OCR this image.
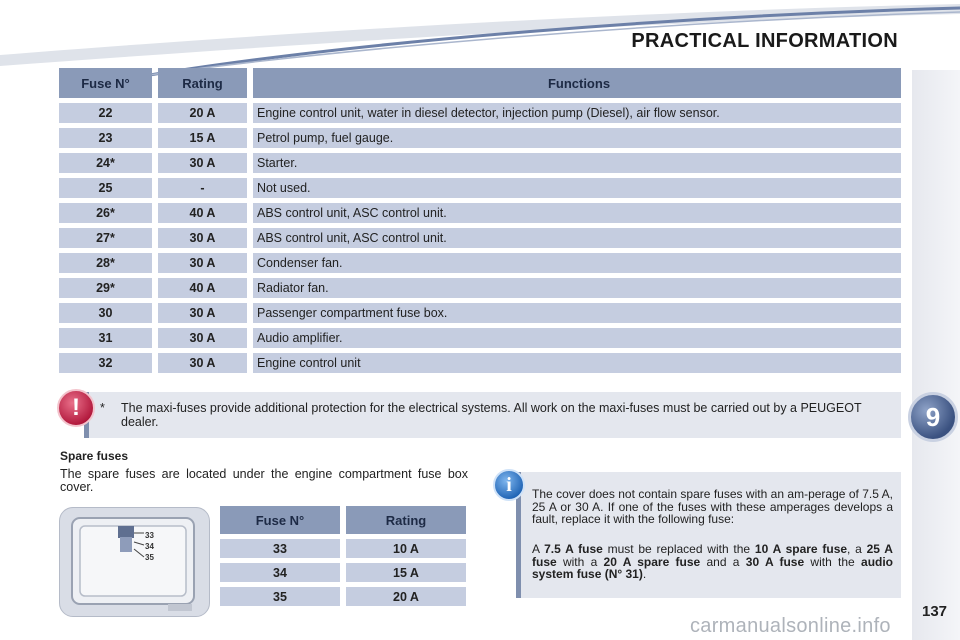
PRACTICAL INFORMATION
9
Fuse N°	Rating	Functions
22	20 A	Engine control unit, water in diesel detector, injection pump (Diesel), air flow sensor.
23	15 A	Petrol pump, fuel gauge.
24*	30 A	Starter.
25	-	Not used.
26*	40 A	ABS control unit, ASC control unit.
27*	30 A	ABS control unit, ASC control unit.
28*	30 A	Condenser fan.
29*	40 A	Radiator fan.
30	30 A	Passenger compartment fuse box.
31	30 A	Audio amplifier.
32	30 A	Engine control unit
* The maxi-fuses provide additional protection for the electrical systems. All work on the maxi-fuses must be carried out by a PEUGEOT dealer.
!
Spare fuses
The spare fuses are located under the engine compartment fuse box cover.	i	The cover does not contain spare fuses with an am-perage of 7.5 A, 25 A or 30 A. If one of the fuses with these amperages develops a fault, replace it with the following fuse:
A 7.5 A fuse must be replaced with the 10 A spare fuse, a 25 A fuse with a 20 A spare fuse and a 30 A fuse with the audio system fuse (N° 31).
33
34
35
Fuse N°	Rating
33	10 A
34	15 A
35	20 A
137
carmanualsonline.info
